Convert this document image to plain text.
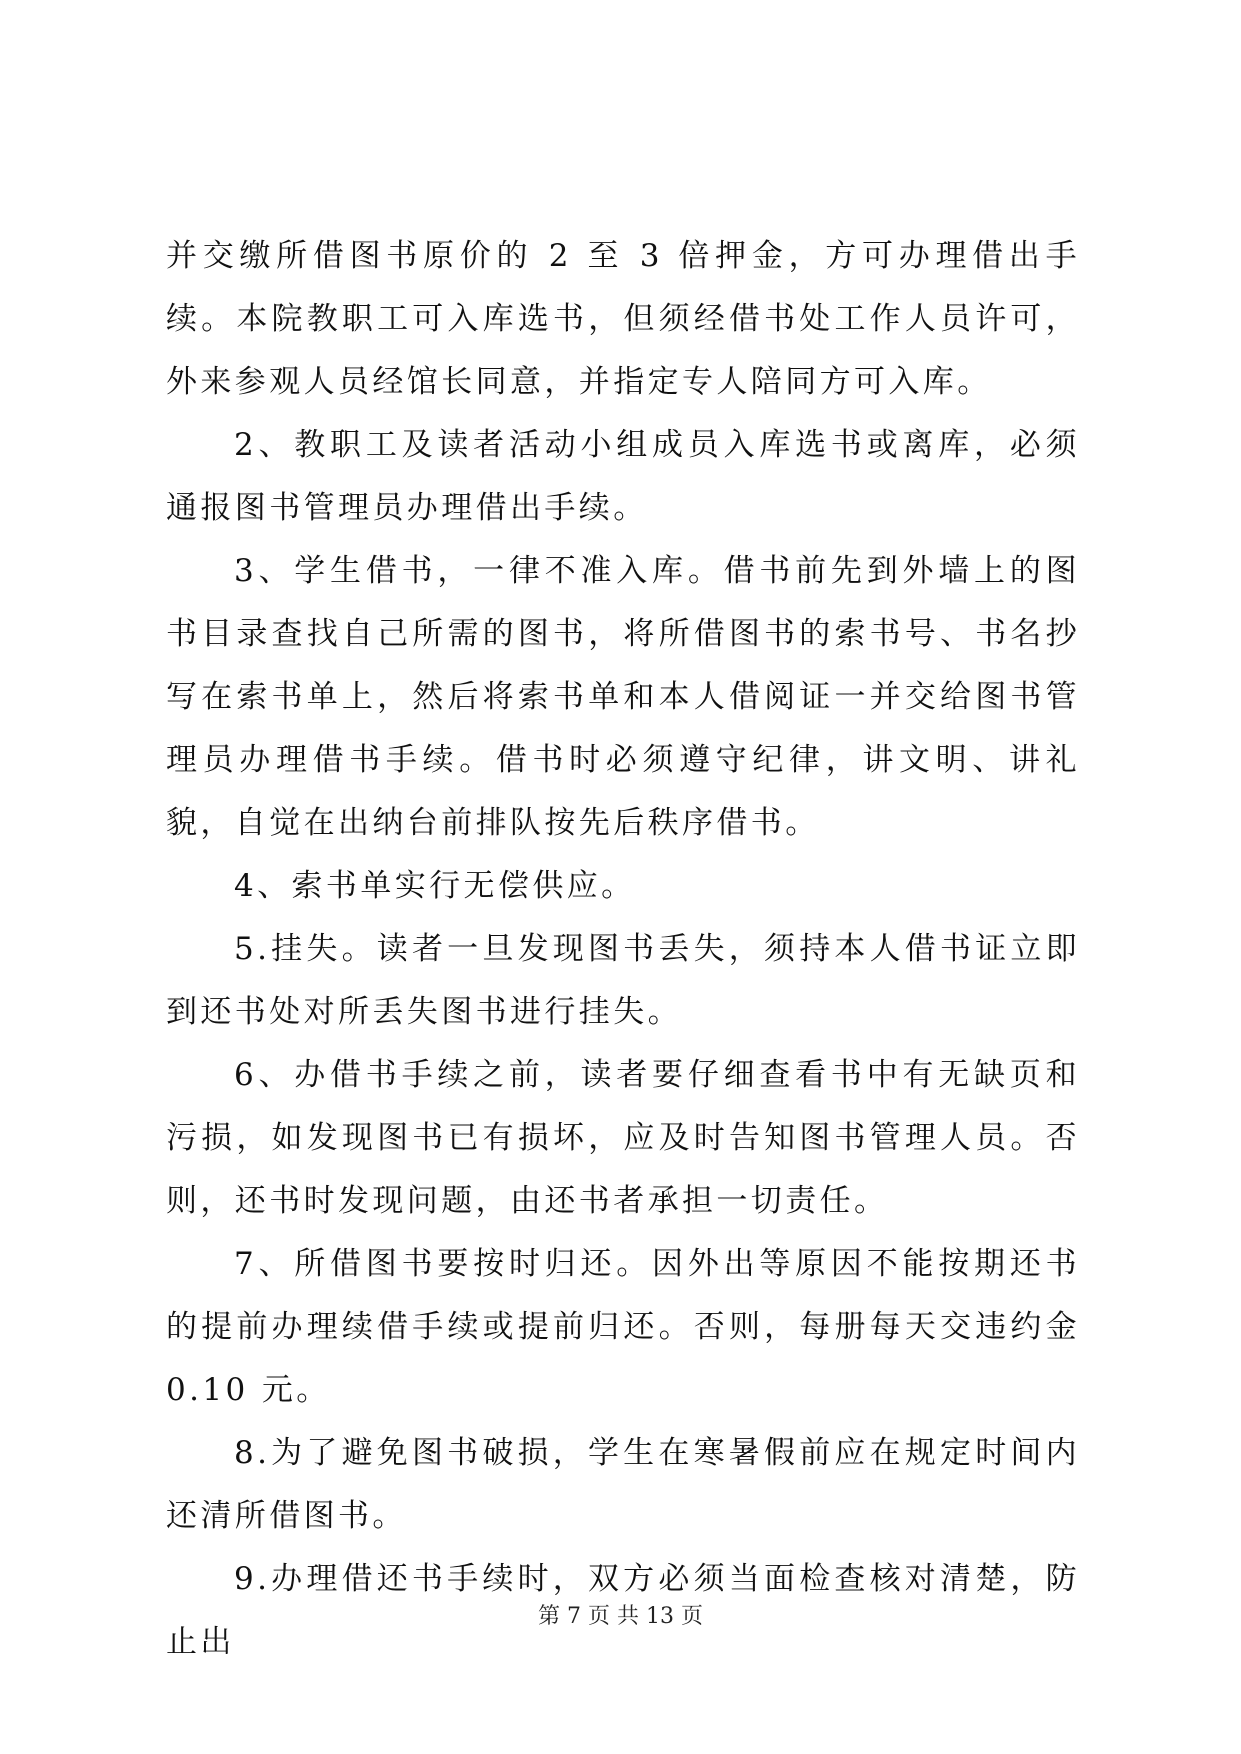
并交缴所借图书原价的 2 至 3 倍押金，方可办理借出手续。本院教职工可入库选书，但须经借书处工作人员许可，外来参观人员经馆长同意，并指定专人陪同方可入库。

2、教职工及读者活动小组成员入库选书或离库，必须通报图书管理员办理借出手续。

3、学生借书，一律不准入库。借书前先到外墙上的图书目录查找自己所需的图书，将所借图书的索书号、书名抄写在索书单上，然后将索书单和本人借阅证一并交给图书管理员办理借书手续。借书时必须遵守纪律，讲文明、讲礼貌，自觉在出纳台前排队按先后秩序借书。

4、索书单实行无偿供应。

5.挂失。读者一旦发现图书丢失，须持本人借书证立即到还书处对所丢失图书进行挂失。

6、办借书手续之前，读者要仔细查看书中有无缺页和污损，如发现图书已有损坏，应及时告知图书管理人员。否则，还书时发现问题，由还书者承担一切责任。

7、所借图书要按时归还。因外出等原因不能按期还书的提前办理续借手续或提前归还。否则，每册每天交违约金 0.10 元。

8.为了避免图书破损，学生在寒暑假前应在规定时间内还清所借图书。

9.办理借还书手续时，双方必须当面检查核对清楚，防止出

第 7 页 共 13 页
